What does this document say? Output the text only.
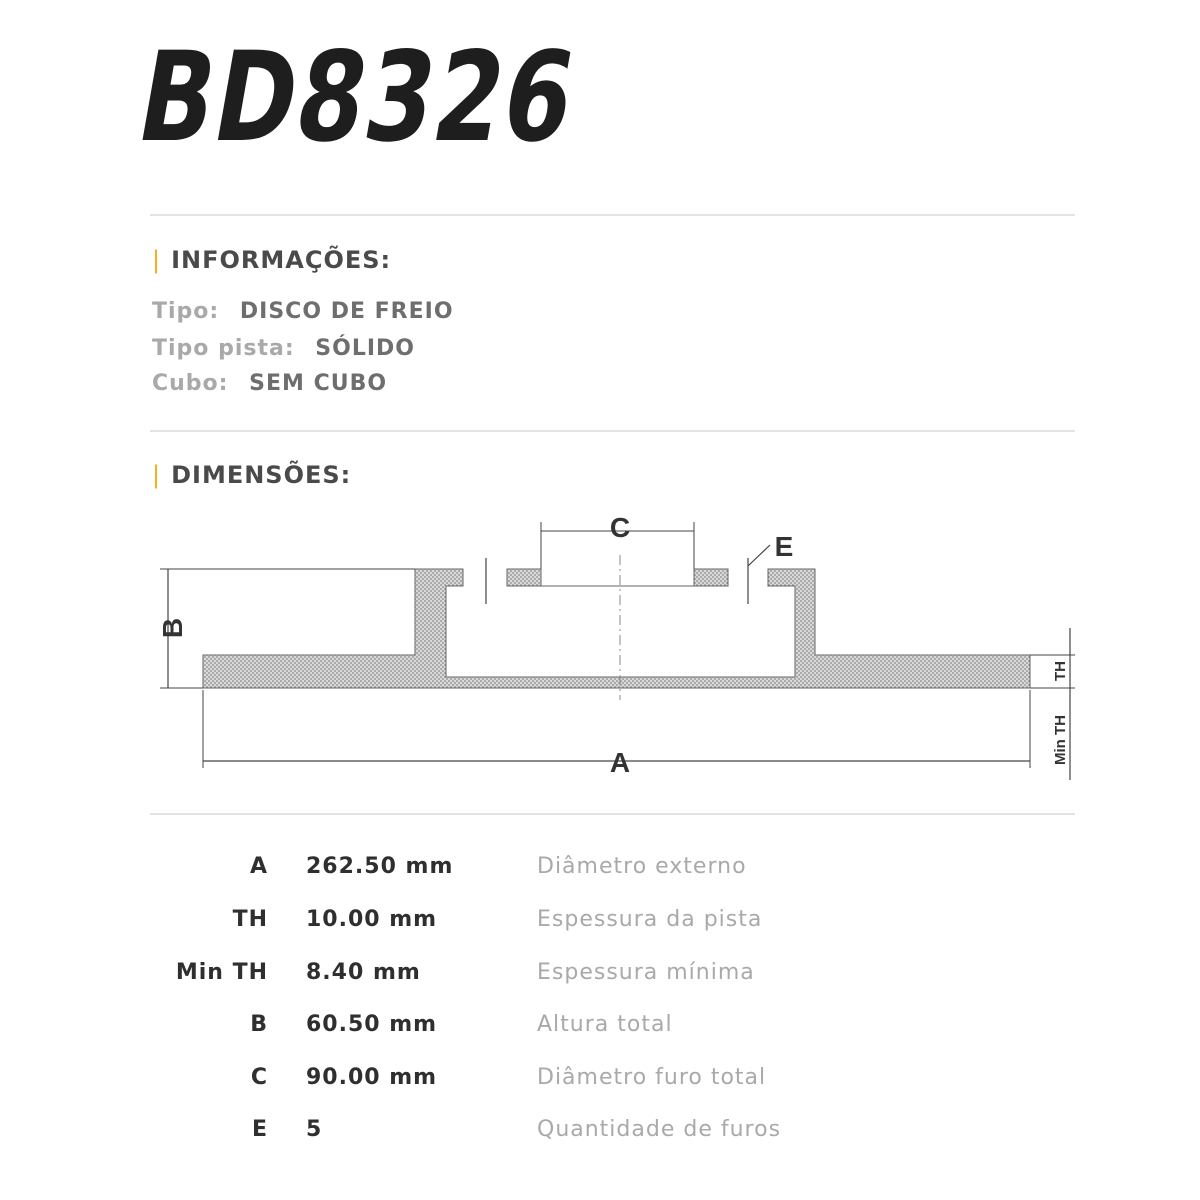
BD8326
| INFORMAÇÕES:
Tipo: DISCO DE FREIO
Tipo pista: SÓLIDO
Cubo: SEM CUBO
| DIMENSÕES:
C
E
B
A
TH
Min TH
A 262.50 mm	Diâmetro externo
TH 10.00 mm	Espessura da pista
Min TH 8.40 mm	Espessura mínima
B 60.50 mm	Altura total
C 90.00 mm	Diâmetro furo total
E 5	Quantidade de furos
